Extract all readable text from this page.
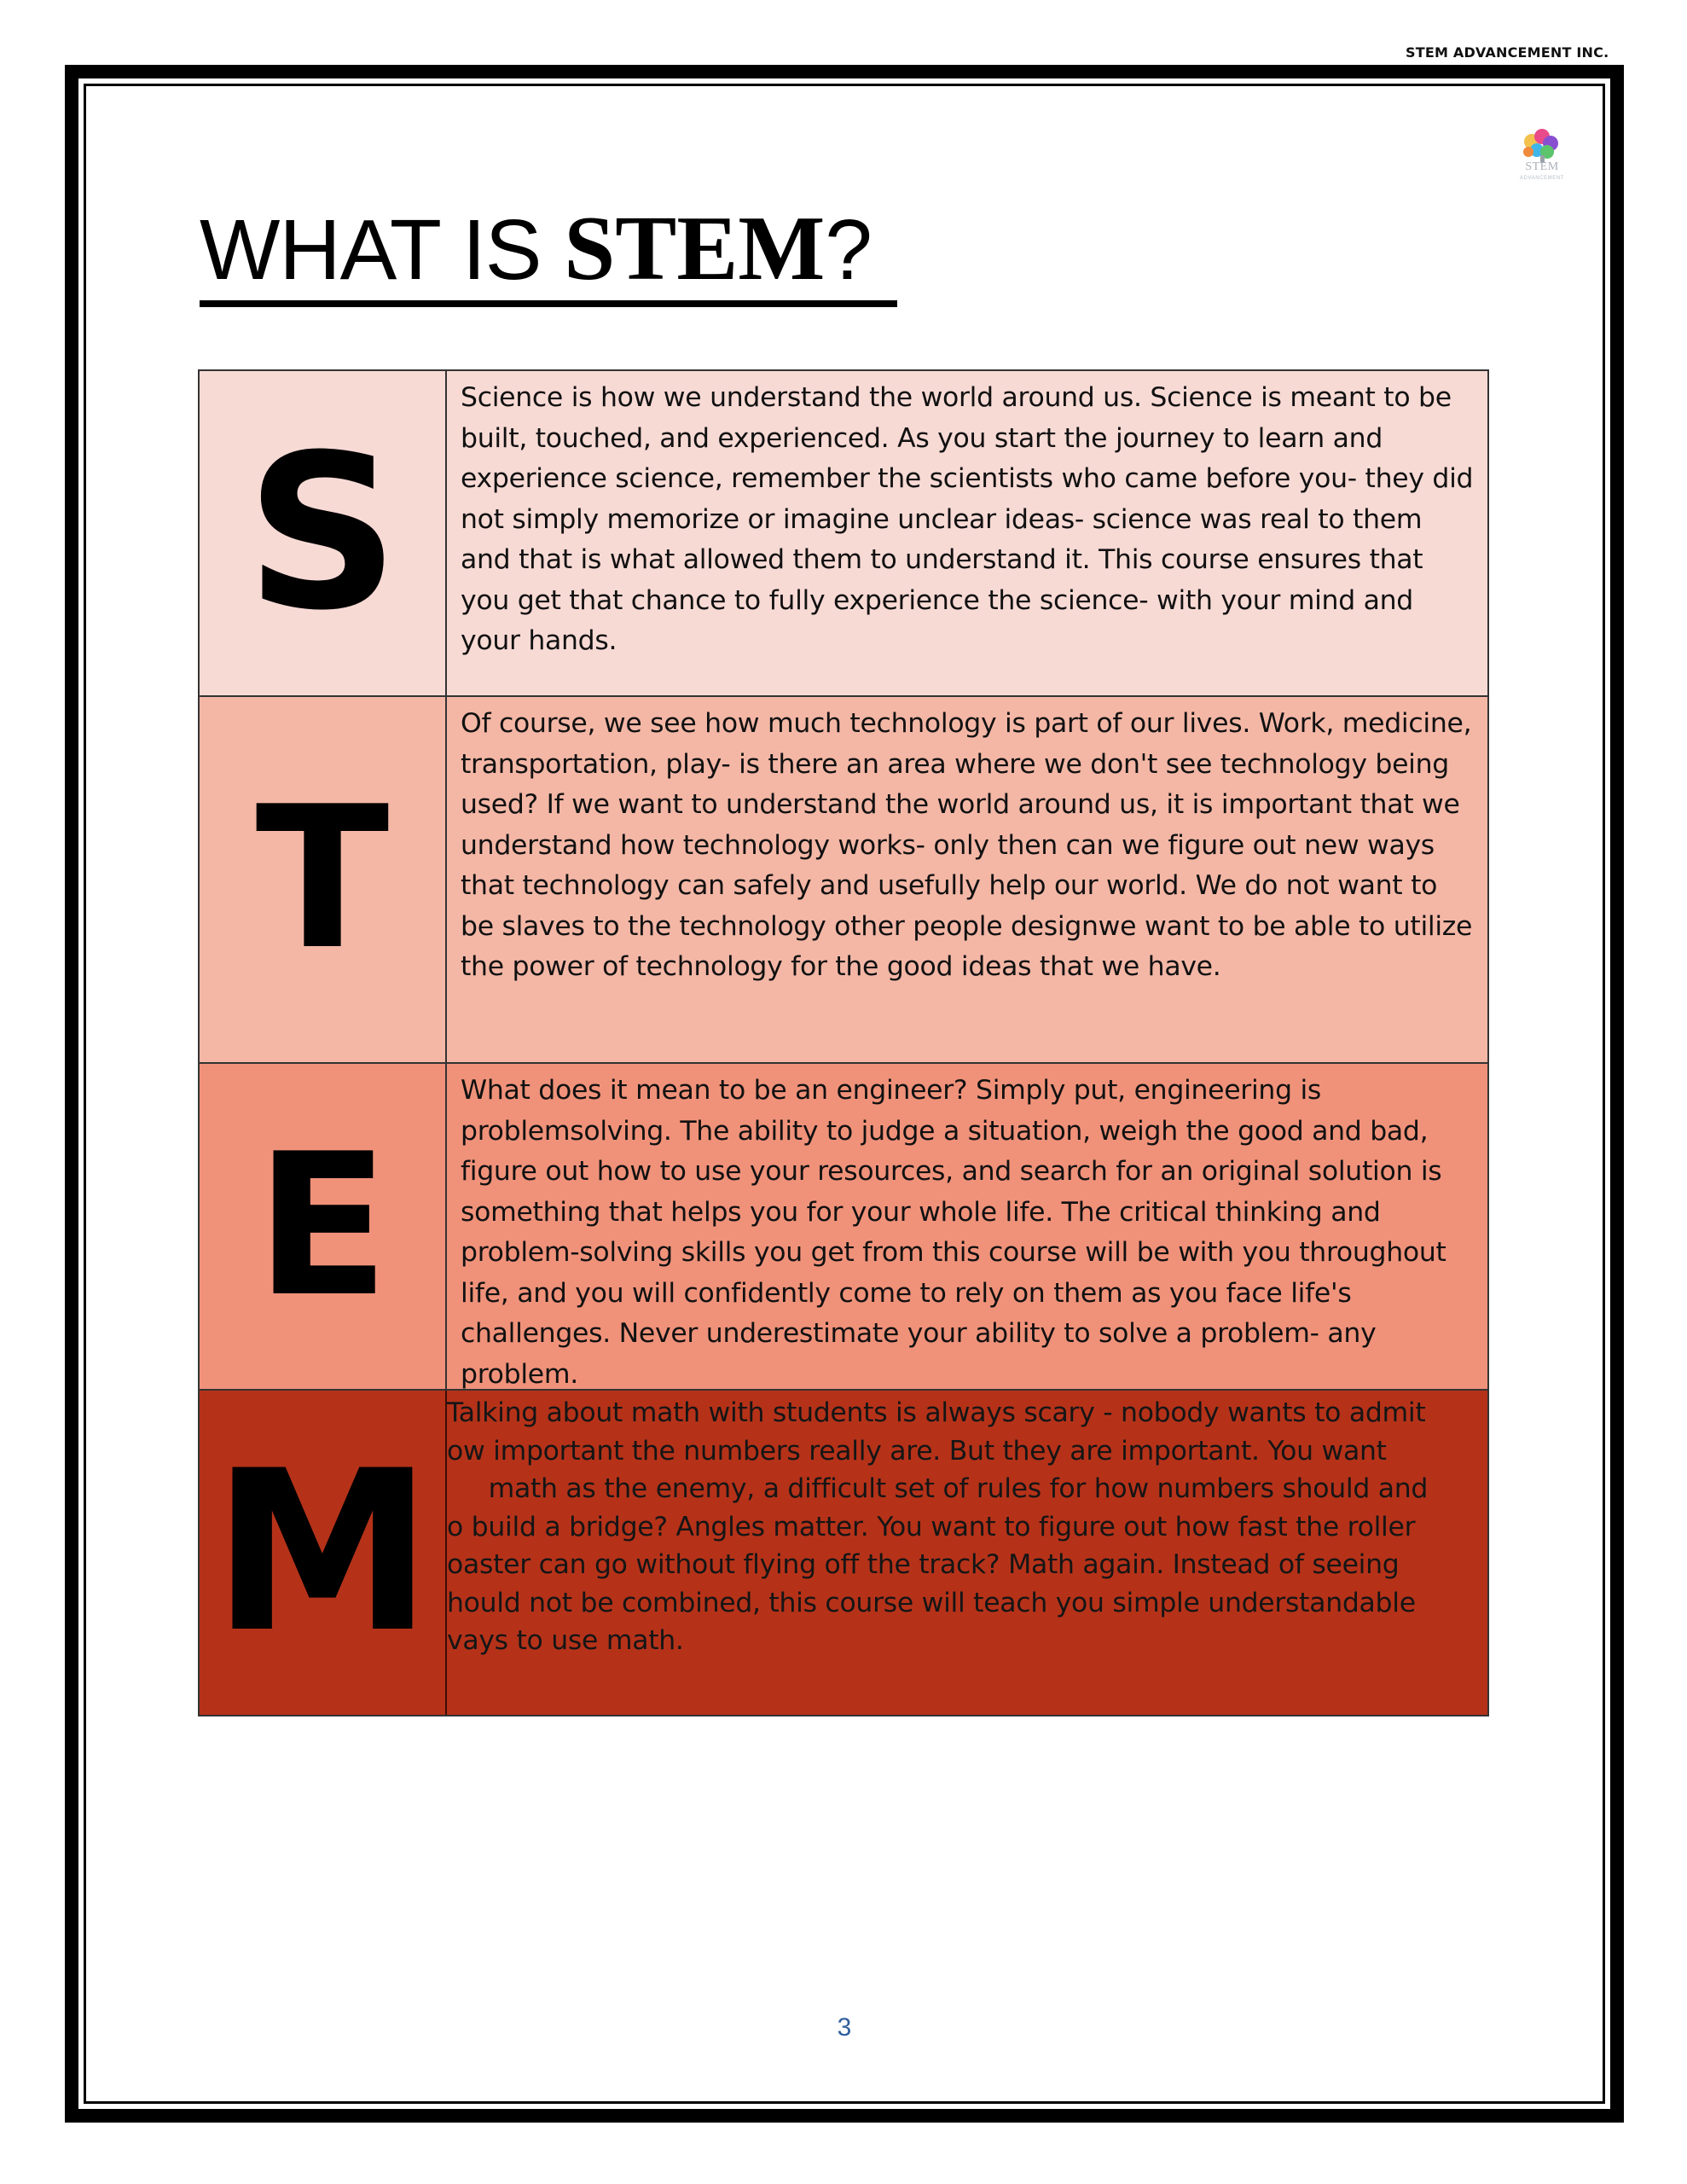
STEM ADVANCEMENT INC.
STEM
ADVANCEMENT
WHAT IS STEM?
S
Science is how we understand the world around us. Science is meant to be built, touched, and experienced. As you start the journey to learn and experience science, remember the scientists who came before you- they did not simply memorize or imagine unclear ideas- science was real to them and that is what allowed them to understand it. This course ensures that you get that chance to fully experience the science- with your mind and your hands.
T
Of course, we see how much technology is part of our lives. Work, medicine, transportation, play- is there an area where we don't see technology being used? If we want to understand the world around us, it is important that we understand how technology works- only then can we figure out new ways that technology can safely and usefully help our world. We do not want to be slaves to the technology other people designwe want to be able to utilize the power of technology for the good ideas that we have.
E
What does it mean to be an engineer? Simply put, engineering is problemsolving. The ability to judge a situation, weigh the good and bad, figure out how to use your resources, and search for an original solution is something that helps you for your whole life. The critical thinking and problem-solving skills you get from this course will be with you throughout life, and you will confidently come to rely on them as you face life's challenges. Never underestimate your ability to solve a problem- any problem.
M
Talking about math with students is always scary - nobody wants to admit
ow important the numbers really are. But they are important. You want
math as the enemy, a difficult set of rules for how numbers should and
o build a bridge? Angles matter. You want to figure out how fast the roller
oaster can go without flying off the track? Math again. Instead of seeing
hould not be combined, this course will teach you simple understandable
vays to use math.
3
